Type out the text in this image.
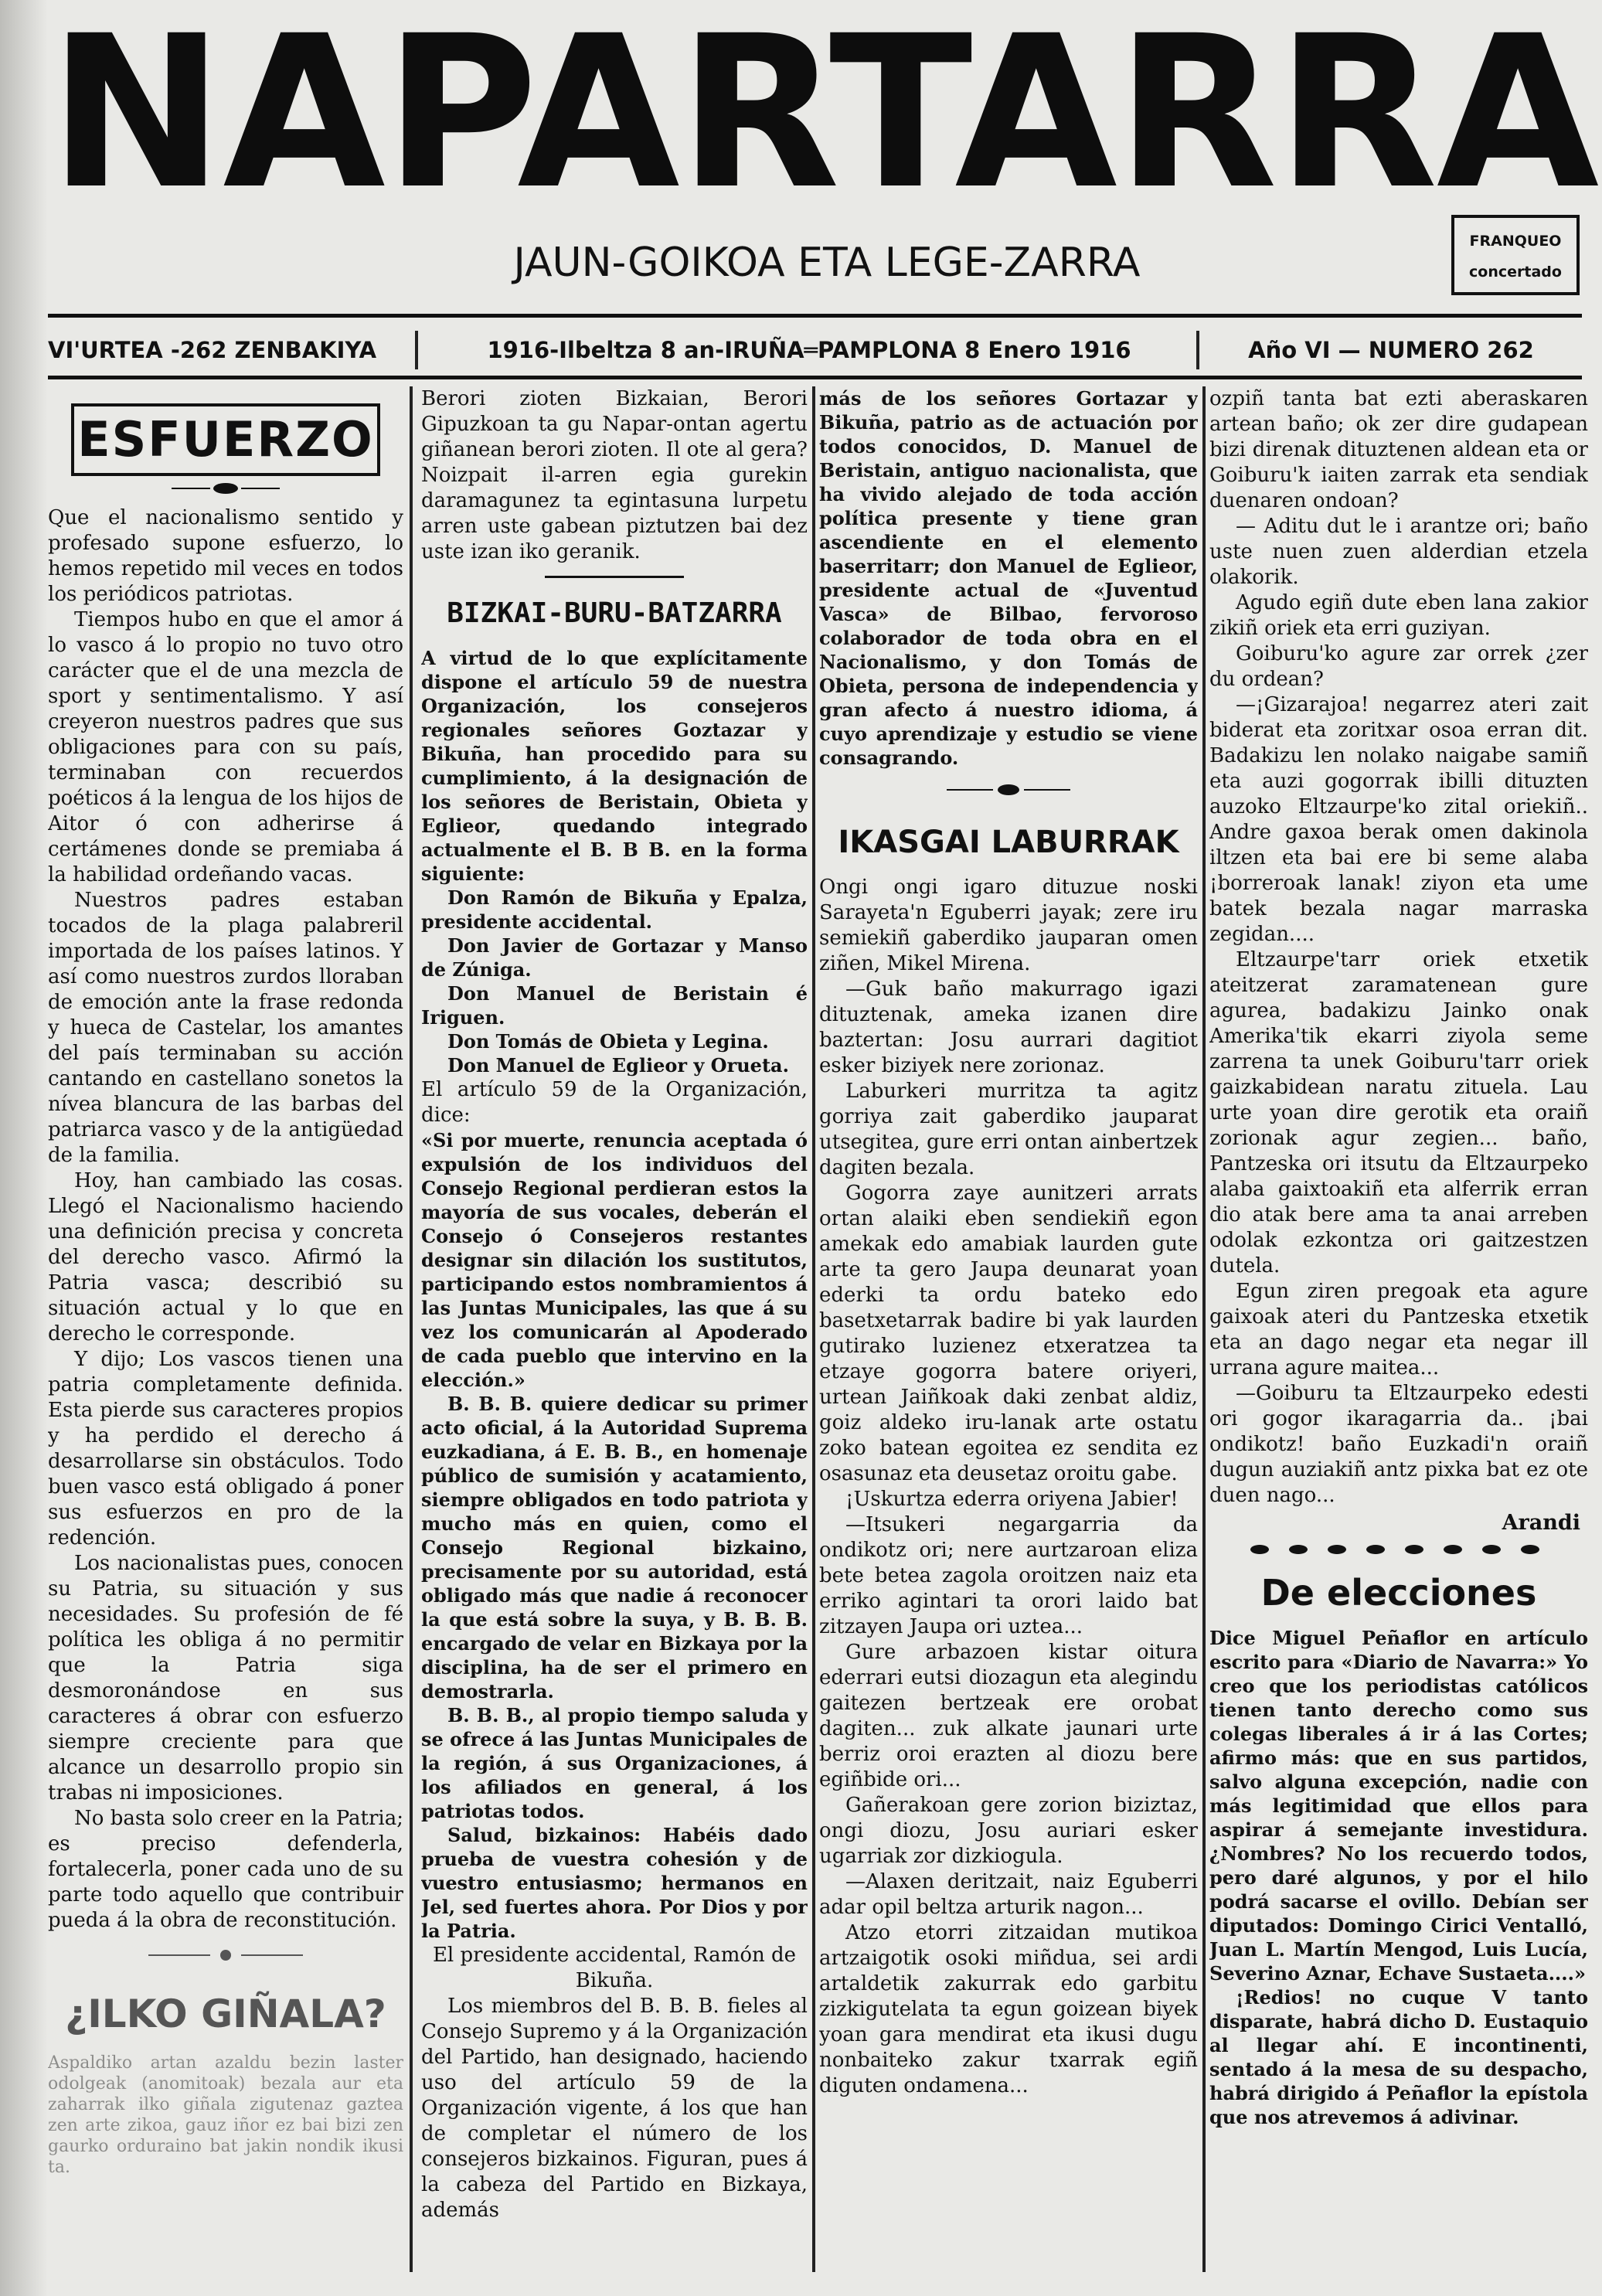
NAPARTARRA
JAUN-GOIKOA ETA LEGE-ZARRA	FRANQUEO
concertado
VI'URTEA -262 ZENBAKIYA	1916-Ilbeltza 8 an-IRUÑA═PAMPLONA 8 Enero 1916	Año VI — NUMERO 262
ESFUERZO

Que el nacionalismo sentido y profesado supone esfuerzo, lo hemos repetido mil veces en todos los periódicos patriotas.

Tiempos hubo en que el amor á lo vasco á lo propio no tuvo otro carácter que el de una mezcla de sport y sentimentalismo. Y así creyeron nuestros padres que sus obligaciones para con su país, terminaban con recuerdos poéticos á la lengua de los hijos de Aitor ó con adherirse á certámenes donde se premiaba á la habilidad ordeñando vacas.

Nuestros padres estaban tocados de la plaga palabreril importada de los países latinos. Y así como nuestros zurdos lloraban de emoción ante la frase redonda y hueca de Castelar, los amantes del país terminaban su acción cantando en castellano sonetos la nívea blancura de las barbas del patriarca vasco y de la antigüedad de la familia.

Hoy, han cambiado las cosas. Llegó el Nacionalismo haciendo una definición precisa y concreta del derecho vasco. Afirmó la Patria vasca; describió su situación actual y lo que en derecho le corresponde.

Y dijo; Los vascos tienen una patria completamente definida. Esta pierde sus caracteres propios y ha perdido el derecho á desarrollarse sin obstáculos. Todo buen vasco está obligado á poner sus esfuerzos en pro de la redención.

Los nacionalistas pues, conocen su Patria, su situación y sus necesidades. Su profesión de fé política les obliga á no permitir que la Patria siga desmoronándose en sus caracteres á obrar con esfuerzo siempre creciente para que alcance un desarrollo propio sin trabas ni imposiciones.

No basta solo creer en la Patria; es preciso defenderla, fortalecerla, poner cada uno de su parte todo aquello que contribuir pueda á la obra de reconstitución.

¿ILKO GIÑALA?

Aspaldiko artan azaldu bezin laster odolgeak (anomitoak) bezala aur eta zaharrak ilko giñala zigutenaz gaztea zen arte zikoa, gauz iñor ez bai bizi zen gaurko orduraino bat jakin nondik ikusi ta.

Berori zioten Bizkaian, Berori Gipuzkoan ta gu Napar-ontan agertu giñanean berori zioten. Il ote al gera? Noizpait il-arren egia gurekin daramagunez ta egintasuna lurpetu arren uste gabean piztutzen bai dez uste izan iko geranik.

BIZKAI-BURU-BATZARRA

A virtud de lo que explícitamente dispone el artículo 59 de nuestra Organización, los consejeros regionales señores Goztazar y Bikuña, han procedido para su cumplimiento, á la designación de los señores de Beristain, Obieta y Eglieor, quedando integrado actualmente el B. B B. en la forma siguiente:

Don Ramón de Bikuña y Epalza, presidente accidental.

Don Javier de Gortazar y Manso de Zúniga.

Don Manuel de Beristain é Iriguen.

Don Tomás de Obieta y Legina.

Don Manuel de Eglieor y Orueta.

El artículo 59 de la Organización, dice:

«Si por muerte, renuncia aceptada ó expulsión de los individuos del Consejo Regional perdieran estos la mayoría de sus vocales, deberán el Consejo ó Consejeros restantes designar sin dilación los sustitutos, participando estos nombramientos á las Juntas Municipales, las que á su vez los comunicarán al Apoderado de cada pueblo que intervino en la elección.»

B. B. B. quiere dedicar su primer acto oficial, á la Autoridad Suprema euzkadiana, á E. B. B., en homenaje público de sumisión y acatamiento, siempre obligados en todo patriota y mucho más en quien, como el Consejo Regional bizkaino, precisamente por su autoridad, está obligado más que nadie á reconocer la que está sobre la suya, y B. B. B. encargado de velar en Bizkaya por la disciplina, ha de ser el primero en demostrarla.

B. B. B., al propio tiempo saluda y se ofrece á las Juntas Municipales de la región, á sus Organizaciones, á los afiliados en general, á los patriotas todos.

Salud, bizkainos: Habéis dado prueba de vuestra cohesión y de vuestro entusiasmo; hermanos en Jel, sed fuertes ahora. Por Dios y por la Patria.

El presidente accidental, Ramón de Bikuña.

Los miembros del B. B. B. fieles al Consejo Supremo y á la Organización del Partido, han designado, haciendo uso del artículo 59 de la Organización vigente, á los que han de completar el número de los consejeros bizkainos. Figuran, pues á la cabeza del Partido en Bizkaya, además

más de los señores Gortazar y Bikuña, patrio as de actuación por todos conocidos, D. Manuel de Beristain, antiguo nacionalista, que ha vivido alejado de toda acción política presente y tiene gran ascendiente en el elemento baserritarr; don Manuel de Eglieor, presidente actual de «Juventud Vasca» de Bilbao, fervoroso colaborador de toda obra en el Nacionalismo, y don Tomás de Obieta, persona de independencia y gran afecto á nuestro idioma, á cuyo aprendizaje y estudio se viene consagrando.

IKASGAI LABURRAK

Ongi ongi igaro dituzue noski Sarayeta'n Eguberri jayak; zere iru semiekiñ gaberdiko jauparan omen ziñen, Mikel Mirena.

—Guk baño makurrago igazi dituztenak, ameka izanen dire baztertan: Josu aurrari dagitiot esker biziyek nere zorionaz.

Laburkeri murritza ta agitz gorriya zait gaberdiko jauparat utsegitea, gure erri ontan ainbertzek dagiten bezala.

Gogorra zaye aunitzeri arrats ortan alaiki eben sendiekiñ egon amekak edo amabiak laurden gute arte ta gero Jaupa deunarat yoan ederki ta ordu bateko edo basetxetarrak badire bi yak laurden gutirako luzienez etxeratzea ta etzaye gogorra batere oriyeri, urtean Jaiñkoak daki zenbat aldiz, goiz aldeko iru-lanak arte ostatu zoko batean egoitea ez sendita ez osasunaz eta deusetaz oroitu gabe.

¡Uskurtza ederra oriyena Jabier!

—Itsukeri negargarria da ondikotz ori; nere aurtzaroan eliza bete betea zagola oroitzen naiz eta erriko agintari ta orori laido bat zitzayen Jaupa ori uztea...

Gure arbazoen kistar oitura ederrari eutsi diozagun eta alegindu gaitezen bertzeak ere orobat dagiten... zuk alkate jaunari urte berriz oroi erazten al diozu bere egiñbide ori...

Gañerakoan gere zorion biziztaz, ongi diozu, Josu auriari esker ugarriak zor dizkiogula.

—Alaxen deritzait, naiz Eguberri adar opil beltza arturik nagon...

Atzo etorri zitzaidan mutikoa artzaigotik osoki miñdua, sei ardi artaldetik zakurrak edo garbitu zizkigutelata ta egun goizean biyek yoan gara mendirat eta ikusi dugu nonbaiteko zakur txarrak egiñ diguten ondamena...

ozpiñ tanta bat ezti aberaskaren artean baño; ok zer dire gudapean bizi direnak dituztenen aldean eta or Goiburu'k iaiten zarrak eta sendiak duenaren ondoan?

— Aditu dut le i arantze ori; baño uste nuen zuen alderdian etzela olakorik.

Agudo egiñ dute eben lana zakior zikiñ oriek eta erri guziyan.

Goiburu'ko agure zar orrek ¿zer du ordean?

—¡Gizarajoa! negarrez ateri zait biderat eta zoritxar osoa erran dit. Badakizu len nolako naigabe samiñ eta auzi gogorrak ibilli dituzten auzoko Eltzaurpe'ko zital oriekiñ.. Andre gaxoa berak omen dakinola iltzen eta bai ere bi seme alaba ¡borreroak lanak! ziyon eta ume batek bezala nagar marraska zegidan....

Eltzaurpe'tarr oriek etxetik ateitzerat zaramatenean gure agurea, badakizu Jainko onak Amerika'tik ekarri ziyola seme zarrena ta unek Goiburu'tarr oriek gaizkabidean naratu zituela. Lau urte yoan dire gerotik eta oraiñ zorionak agur zegien... baño, Pantzeska ori itsutu da Eltzaurpeko alaba gaixtoakiñ eta alferrik erran dio atak bere ama ta anai arreben odolak ezkontza ori gaitzestzen dutela.

Egun ziren pregoak eta agure gaixoak ateri du Pantzeska etxetik eta an dago negar eta negar ill urrana agure maitea...

—Goiburu ta Eltzaurpeko edesti ori gogor ikaragarria da.. ¡bai ondikotz! baño Euzkadi'n oraiñ dugun auziakiñ antz pixka bat ez ote duen nago...

Arandi
De elecciones

Dice Miguel Peñaflor en artículo escrito para «Diario de Navarra:» Yo creo que los periodistas católicos tienen tanto derecho como sus colegas liberales á ir á las Cortes; afirmo más: que en sus partidos, salvo alguna excepción, nadie con más legitimidad que ellos para aspirar á semejante investidura. ¿Nombres? No los recuerdo todos, pero daré algunos, y por el hilo podrá sacarse el ovillo. Debían ser diputados: Domingo Cirici Ventalló, Juan L. Martín Mengod, Luis Lucía, Severino Aznar, Echave Sustaeta....»

¡Redios! no cuque V tanto disparate, habrá dicho D. Eustaquio al llegar ahí. E incontinenti, sentado á la mesa de su despacho, habrá dirigido á Peñaflor la epístola que nos atrevemos á adivinar.
